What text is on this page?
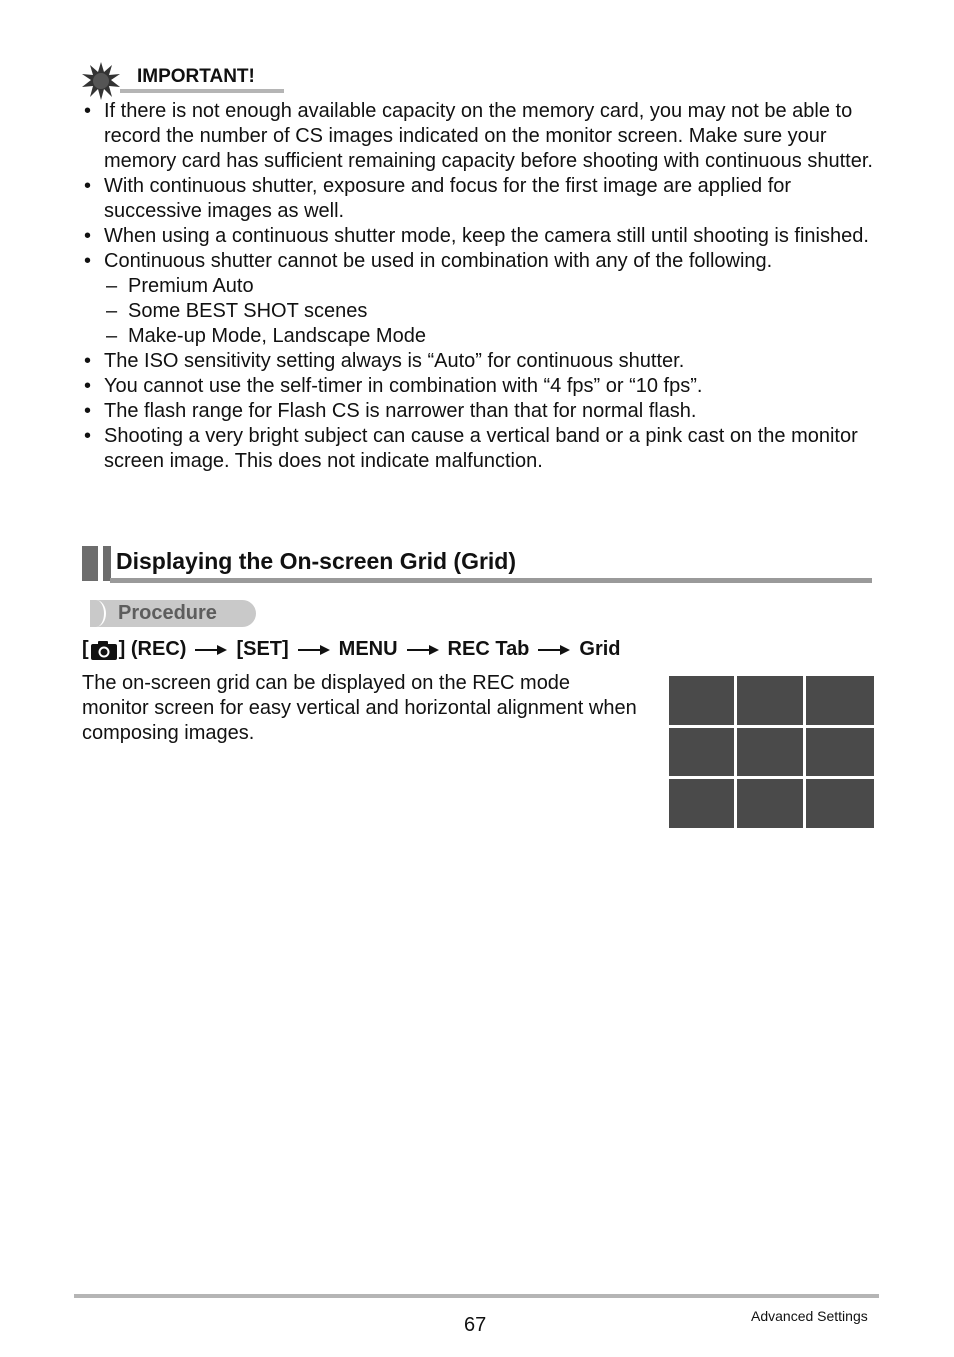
IMPORTANT!
• If there is not enough available capacity on the memory card, you may not be able to record the number of CS images indicated on the monitor screen. Make sure your memory card has sufficient remaining capacity before shooting with continuous shutter.
• With continuous shutter, exposure and focus for the first image are applied for successive images as well.
• When using a continuous shutter mode, keep the camera still until shooting is finished.
• Continuous shutter cannot be used in combination with any of the following.
– Premium Auto
– Some BEST SHOT scenes
– Make-up Mode, Landscape Mode
• The ISO sensitivity setting always is “Auto” for continuous shutter.
• You cannot use the self-timer in combination with “4 fps” or “10 fps”.
• The flash range for Flash CS is narrower than that for normal flash.
• Shooting a very bright subject can cause a vertical band or a pink cast on the monitor screen image. This does not indicate malfunction.
Displaying the On-screen Grid (Grid)
Procedure
[ ] (REC)	[SET]	MENU	REC Tab	Grid
The on-screen grid can be displayed on the REC mode monitor screen for easy vertical and horizontal alignment when composing images.
67	Advanced Settings
